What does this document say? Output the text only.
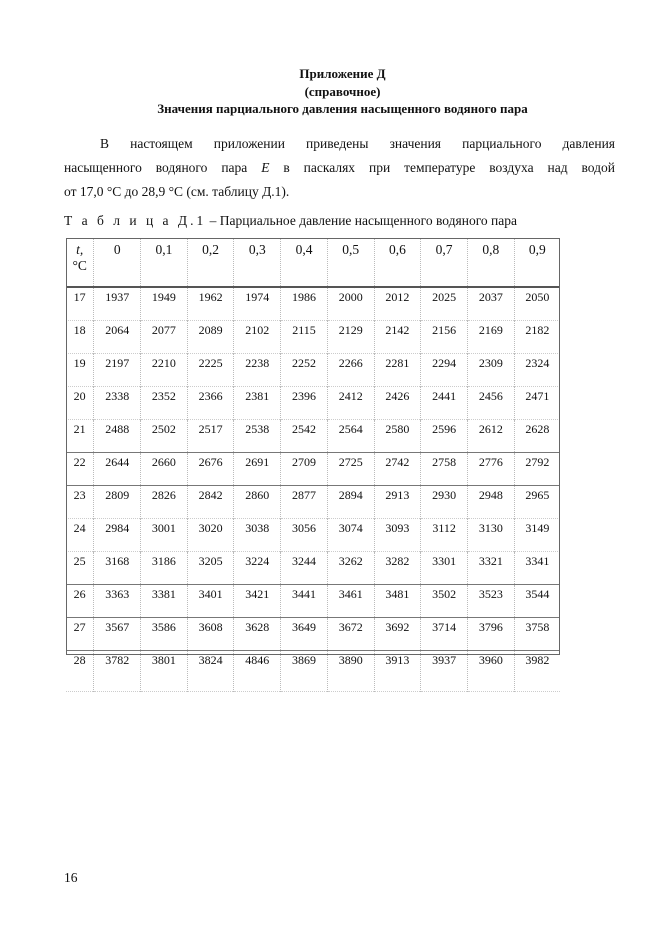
Приложение Д
(справочное)
Значения парциального давления насыщенного водяного пара
В настоящем приложении приведены значения парциального давления
насыщенного водяного пара E в паскалях при температуре воздуха над водой
от 17,0 °С до 28,9 °С (см. таблицу Д.1).
Т а б л и ц а Д.1 – Парциальное давление насыщенного водяного пара
t,
°С	0	0,1	0,2	0,3	0,4	0,5	0,6	0,7	0,8	0,9
17	1937	1949	1962	1974	1986	2000	2012	2025	2037	2050
18	2064	2077	2089	2102	2115	2129	2142	2156	2169	2182
19	2197	2210	2225	2238	2252	2266	2281	2294	2309	2324
20	2338	2352	2366	2381	2396	2412	2426	2441	2456	2471
21	2488	2502	2517	2538	2542	2564	2580	2596	2612	2628
22	2644	2660	2676	2691	2709	2725	2742	2758	2776	2792
23	2809	2826	2842	2860	2877	2894	2913	2930	2948	2965
24	2984	3001	3020	3038	3056	3074	3093	3112	3130	3149
25	3168	3186	3205	3224	3244	3262	3282	3301	3321	3341
26	3363	3381	3401	3421	3441	3461	3481	3502	3523	3544
27	3567	3586	3608	3628	3649	3672	3692	3714	3796	3758
28	3782	3801	3824	4846	3869	3890	3913	3937	3960	3982
16
